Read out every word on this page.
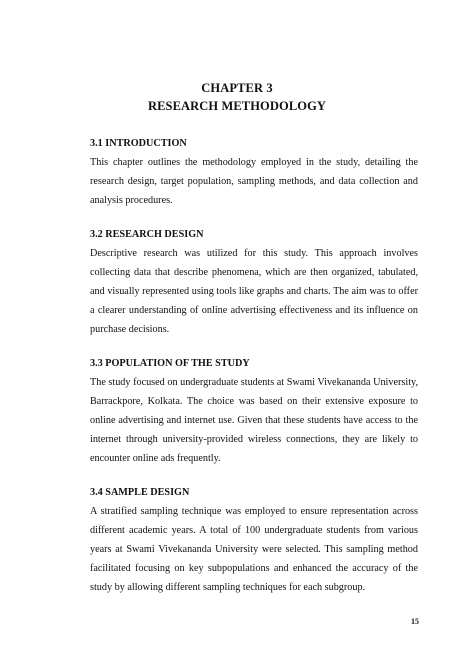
CHAPTER 3
RESEARCH METHODOLOGY
3.1 INTRODUCTION

This chapter outlines the methodology employed in the study, detailing the research design, target population, sampling methods, and data collection and analysis procedures.

3.2 RESEARCH DESIGN

Descriptive research was utilized for this study. This approach involves collecting data that describe phenomena, which are then organized, tabulated, and visually represented using tools like graphs and charts. The aim was to offer a clearer understanding of online advertising effectiveness and its influence on purchase decisions.

3.3 POPULATION OF THE STUDY

The study focused on undergraduate students at Swami Vivekananda University, Barrackpore, Kolkata. The choice was based on their extensive exposure to online advertising and internet use. Given that these students have access to the internet through university-provided wireless connections, they are likely to encounter online ads frequently.

3.4 SAMPLE DESIGN

A stratified sampling technique was employed to ensure representation across different academic years. A total of 100 undergraduate students from various years at Swami Vivekananda University were selected. This sampling method facilitated focusing on key subpopulations and enhanced the accuracy of the study by allowing different sampling techniques for each subgroup.

15
